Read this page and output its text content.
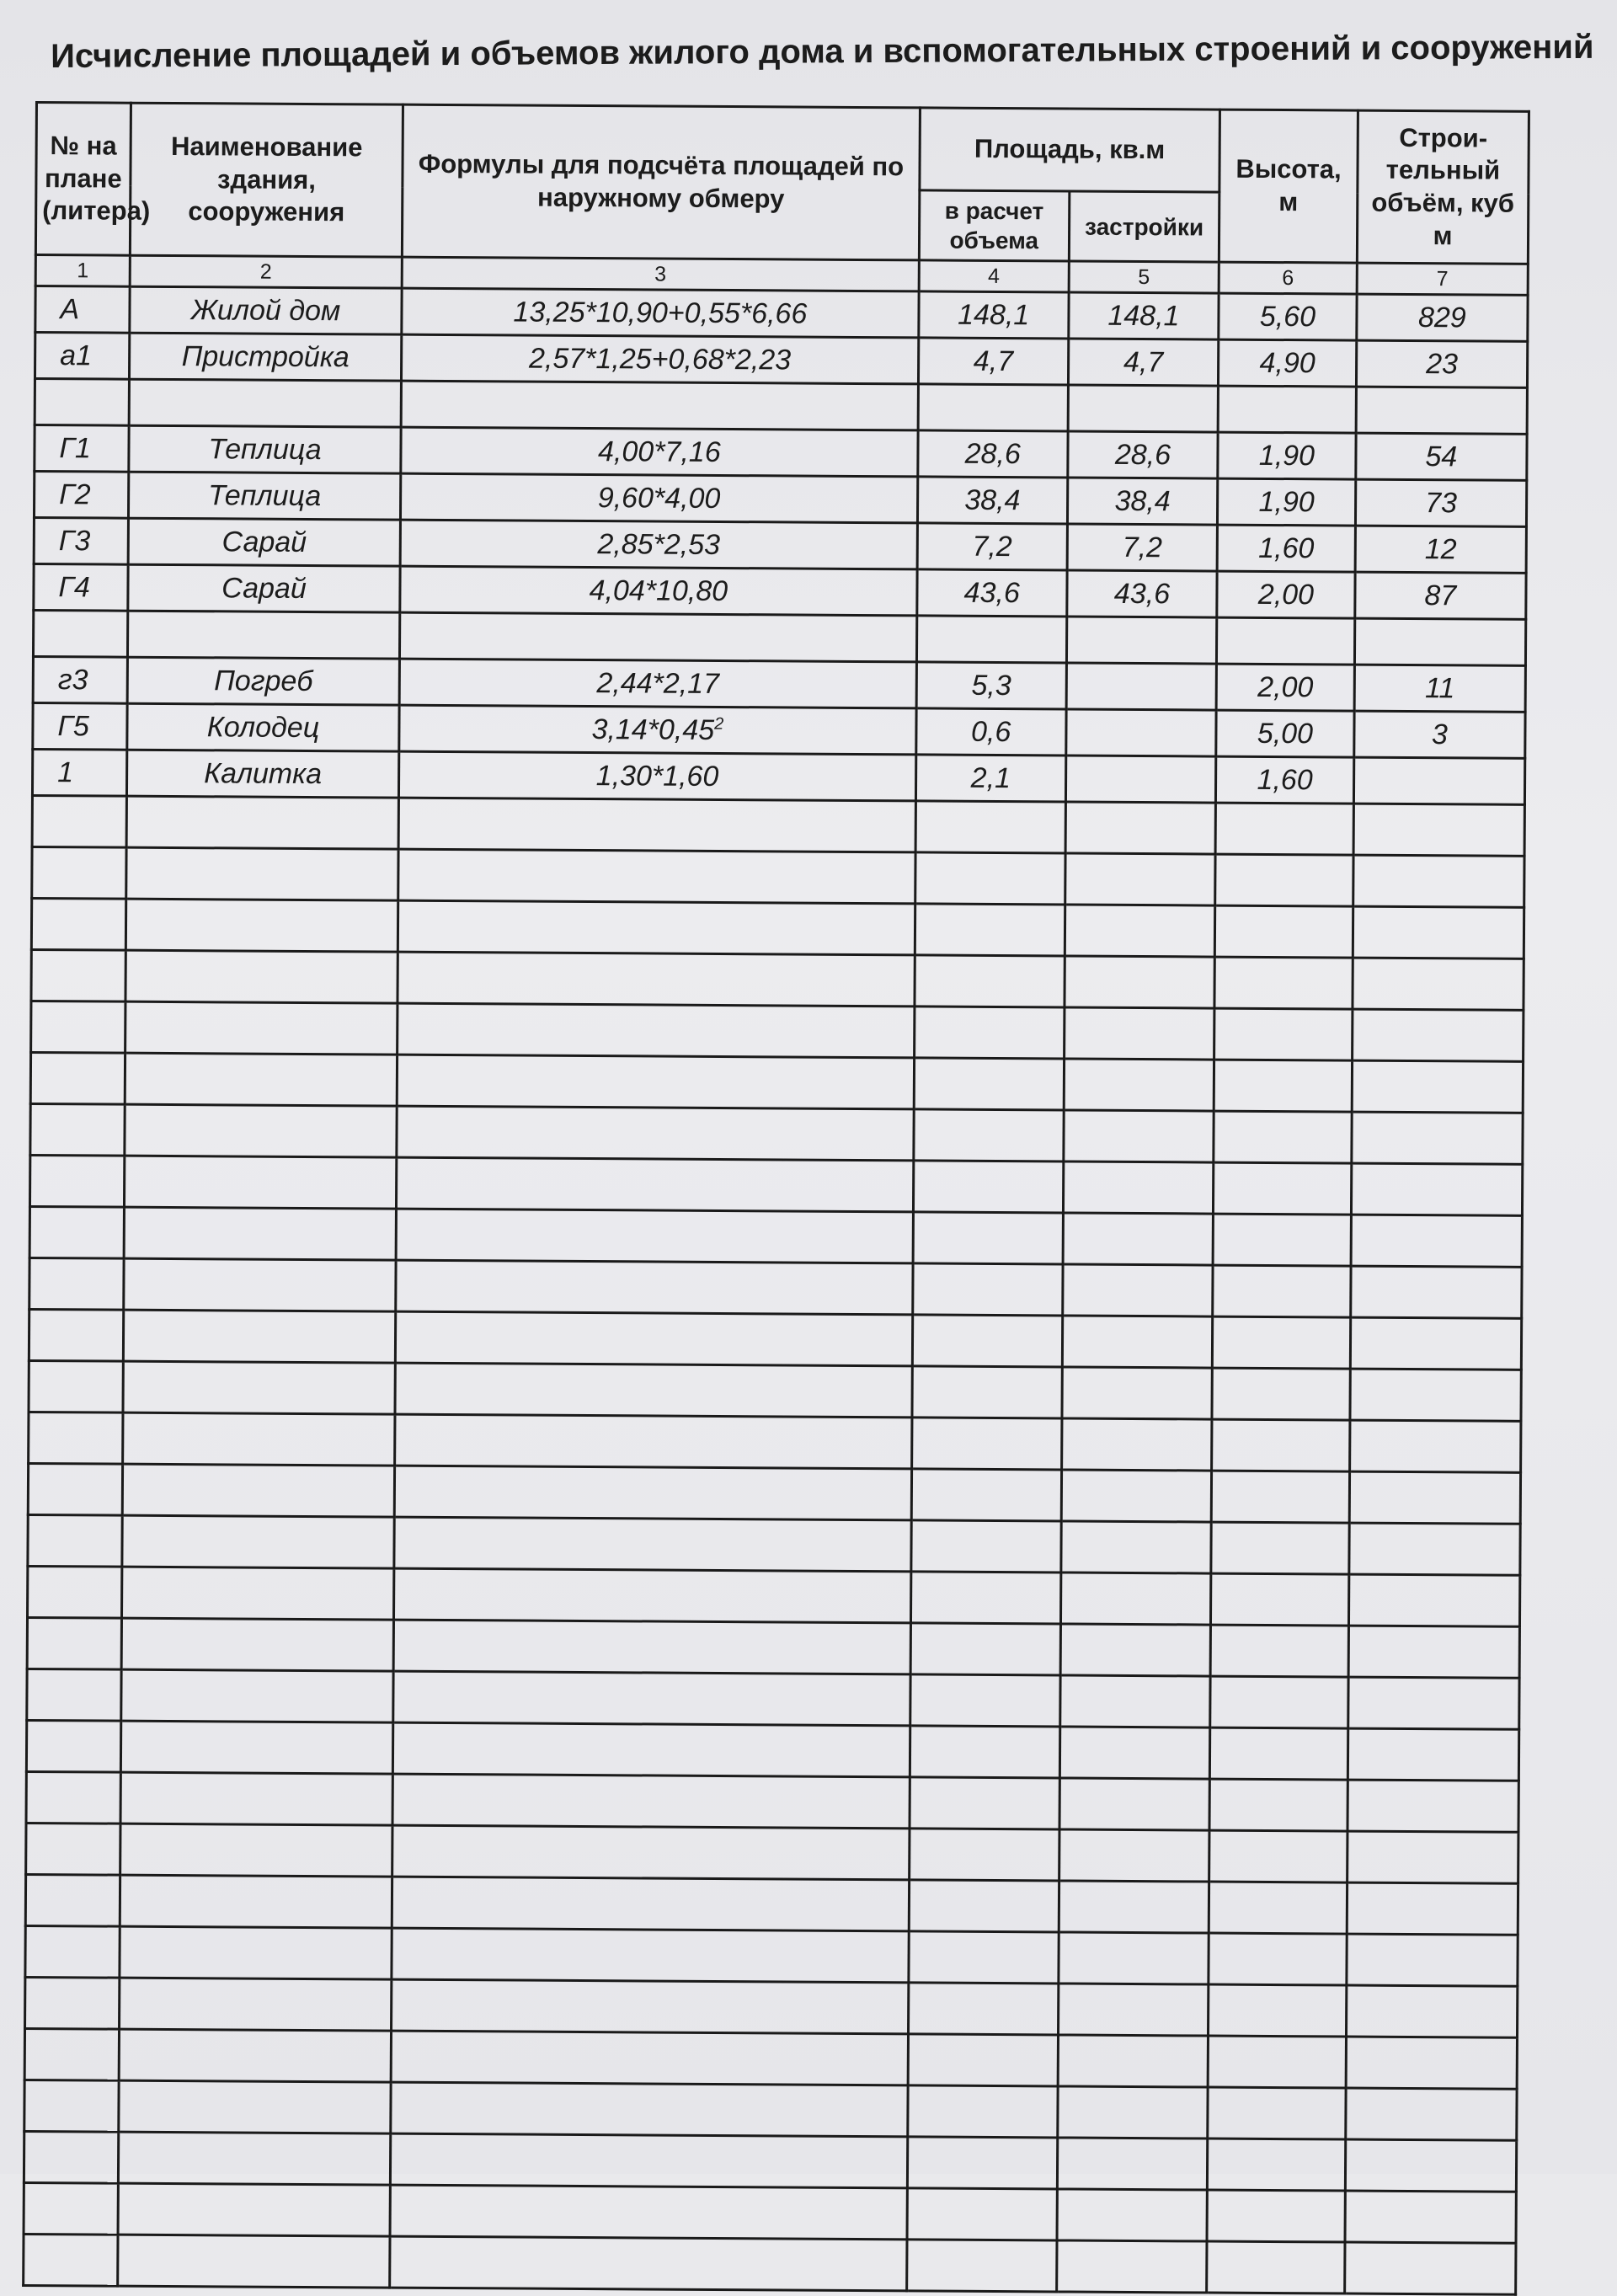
Исчисление площадей и объемов жилого дома и вспомогательных строений и сооружений
№ на плане (литера)	Наименование здания, сооружения	Формулы для подсчёта площадей по наружному обмеру	Площадь, кв.м		Высота, м	Строи-тельный объём, куб м
			в расчет объема	застройки		
1	2	3	4	5	6	7
А	Жилой дом	13,25*10,90+0,55*6,66	148,1	148,1	5,60	829
а1	Пристройка	2,57*1,25+0,68*2,23	4,7	4,7	4,90	23

Г1	Теплица	4,00*7,16	28,6	28,6	1,90	54
Г2	Теплица	9,60*4,00	38,4	38,4	1,90	73
Г3	Сарай	2,85*2,53	7,2	7,2	1,60	12
Г4	Сарай	4,04*10,80	43,6	43,6	2,00	87

г3	Погреб	2,44*2,17	5,3		2,00	11
Г5	Колодец	3,14*0,45$^2$	0,6		5,00	3
1	Калитка	1,30*1,60	2,1		1,60	
